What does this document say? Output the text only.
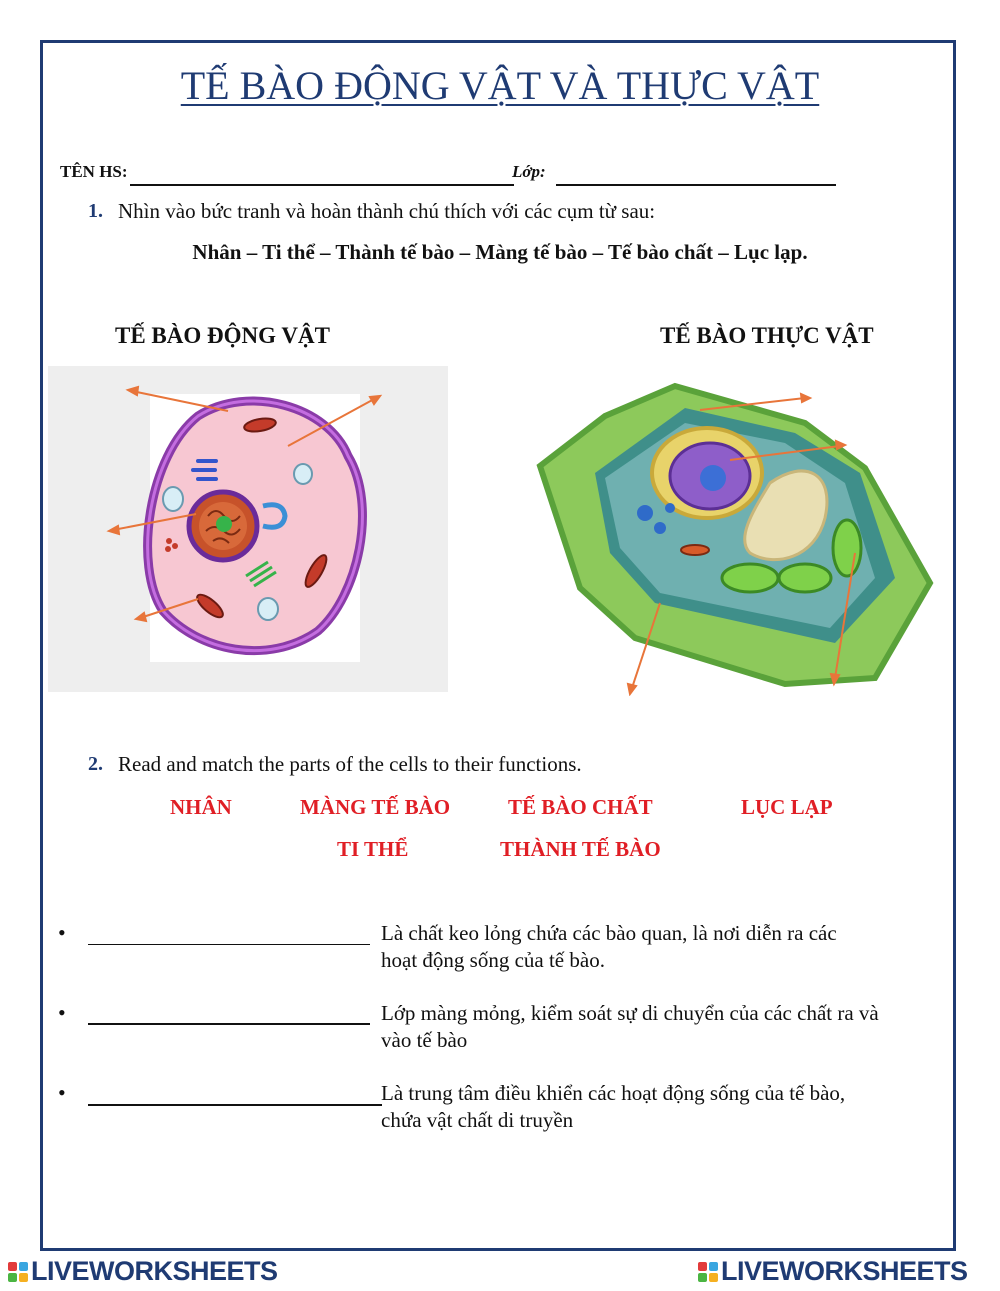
TẾ BÀO ĐỘNG VẬT VÀ THỰC VẬT
TÊN HS:	Lớp:
1. Nhìn vào bức tranh và hoàn thành chú thích với các cụm từ sau:
Nhân – Ti thể – Thành tế bào – Màng tế bào – Tế bào chất – Lục lạp.
TẾ BÀO ĐỘNG VẬT	TẾ BÀO THỰC VẬT
2. Read and match the parts of the cells to their functions.
NHÂN	MÀNG TẾ BÀO	TẾ BÀO CHẤT	LỤC LẠP
TI THỂ	THÀNH TẾ BÀO
•	Là chất keo lỏng chứa các bào quan, là nơi diễn ra các
hoạt động sống của tế bào.
•	Lớp màng mỏng, kiểm soát sự di chuyển của các chất ra và
vào tế bào
•	Là trung tâm điều khiển các hoạt động sống của tế bào,
chứa vật chất di truyền
LIVEWORKSHEETS	LIVEWORKSHEETS
